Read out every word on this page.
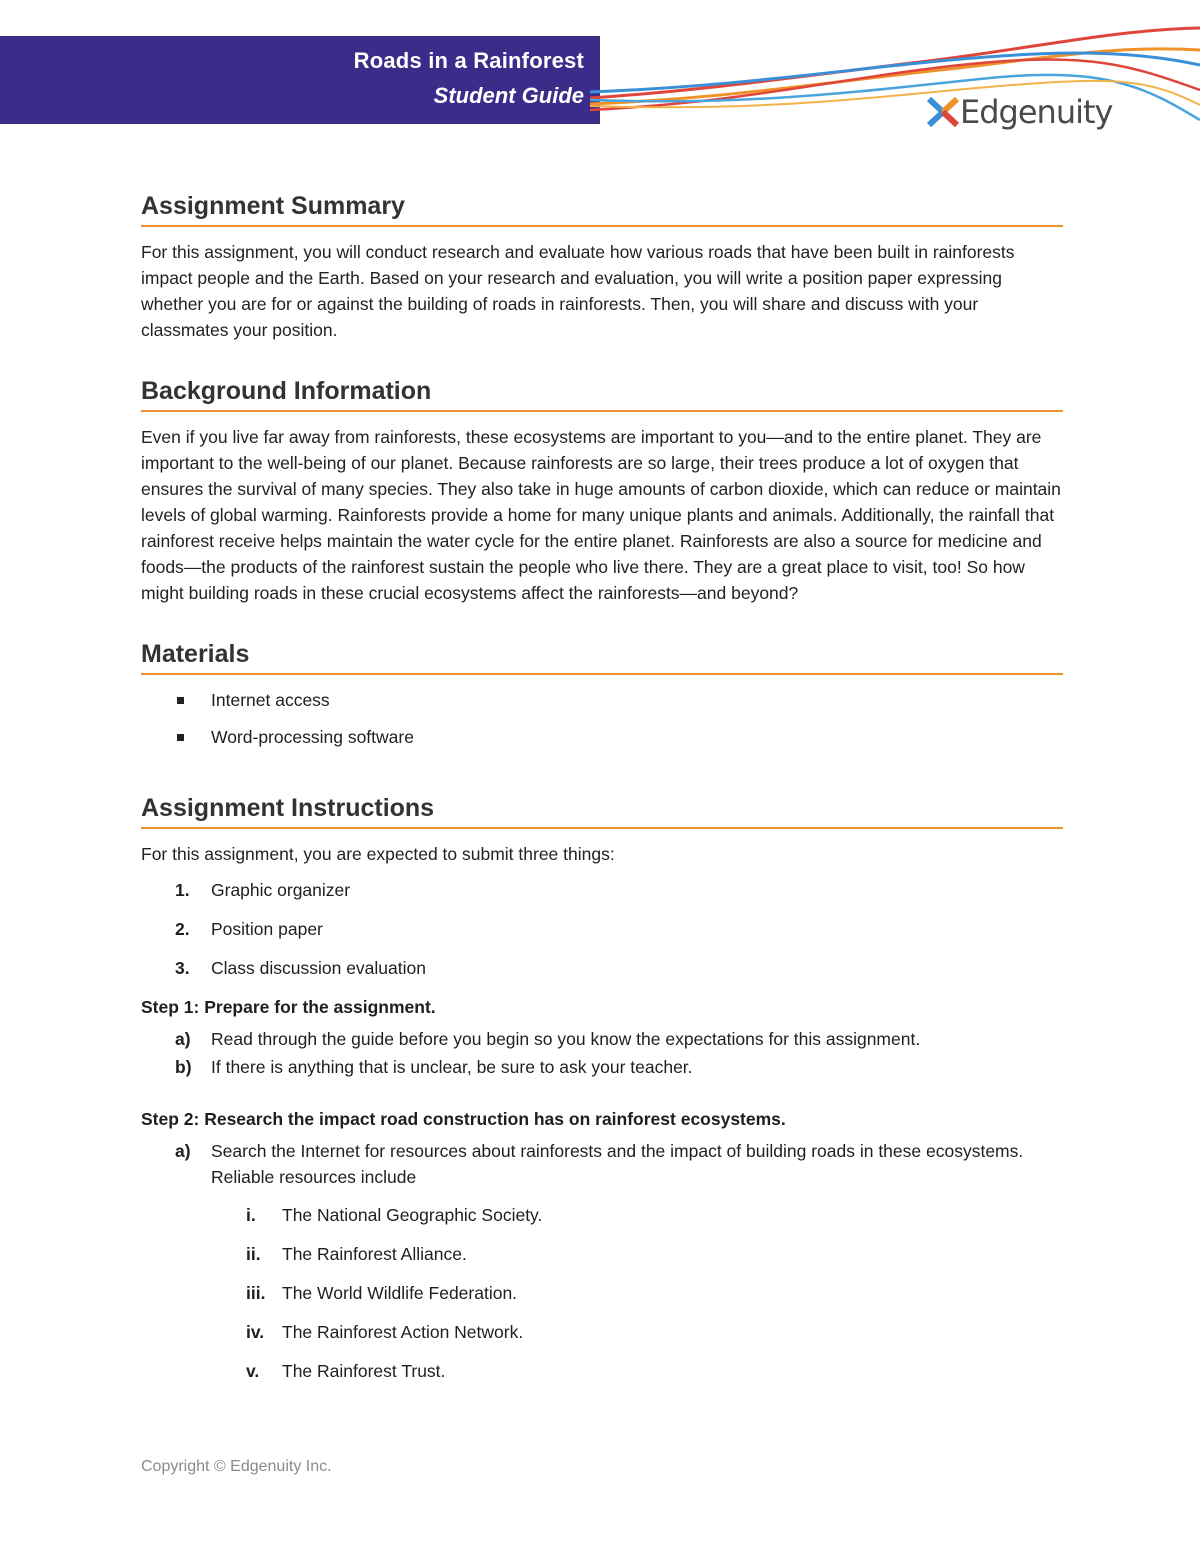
Roads in a Rainforest
Student Guide	Edgenuity
Assignment Summary

For this assignment, you will conduct research and evaluate how various roads that have been built in rainforests impact people and the Earth. Based on your research and evaluation, you will write a position paper expressing whether you are for or against the building of roads in rainforests. Then, you will share and discuss with your classmates your position.

Background Information

Even if you live far away from rainforests, these ecosystems are important to you—and to the entire planet. They are important to the well-being of our planet. Because rainforests are so large, their trees produce a lot of oxygen that ensures the survival of many species. They also take in huge amounts of carbon dioxide, which can reduce or maintain levels of global warming. Rainforests provide a home for many unique plants and animals. Additionally, the rainfall that rainforest receive helps maintain the water cycle for the entire planet. Rainforests are also a source for medicine and foods—the products of the rainforest sustain the people who live there. They are a great place to visit, too! So how might building roads in these crucial ecosystems affect the rainforests—and beyond?

Materials
Internet access
Word-processing software
Assignment Instructions

For this assignment, you are expected to submit three things:

1. Graphic organizer
2. Position paper
3. Class discussion evaluation
Step 1: Prepare for the assignment.
a) Read through the guide before you begin so you know the expectations for this assignment.
b) If there is anything that is unclear, be sure to ask your teacher.
Step 2: Research the impact road construction has on rainforest ecosystems.
a) Search the Internet for resources about rainforests and the impact of building roads in these ecosystems. Reliable resources include
i. The National Geographic Society.
ii. The Rainforest Alliance.
iii. The World Wildlife Federation.
iv. The Rainforest Action Network.
v. The Rainforest Trust.
Copyright © Edgenuity Inc.
